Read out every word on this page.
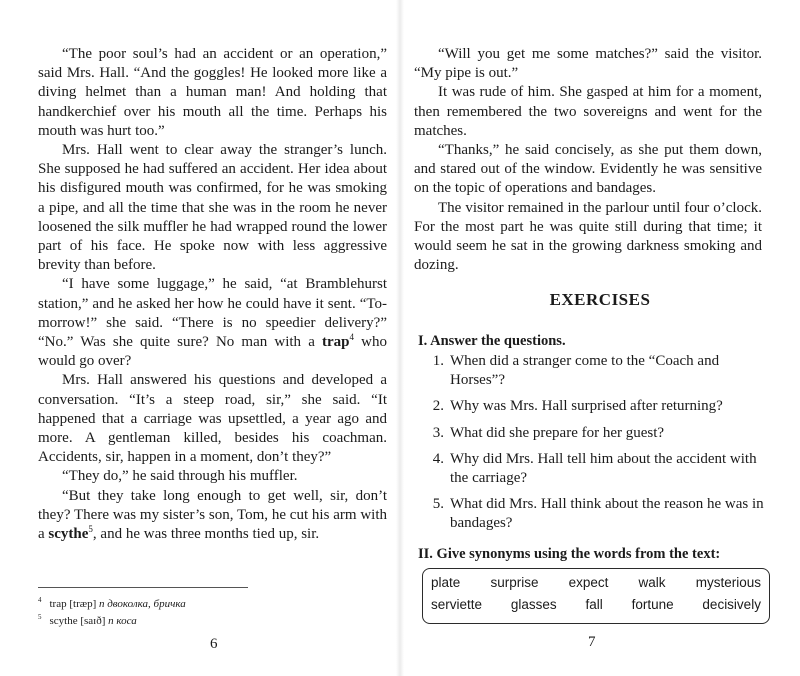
“The poor soul’s had an accident or an operation,” said Mrs. Hall. “And the goggles! He looked more like a diving helmet than a human man! And holding that handkerchief over his mouth all the time. Perhaps his mouth was hurt too.”

Mrs. Hall went to clear away the stranger’s lunch. She supposed he had suffered an accident. Her idea about his disfigured mouth was confirmed, for he was smoking a pipe, and all the time that she was in the room he never loosened the silk muffler he had wrapped round the lower part of his face. He spoke now with less aggressive brevity than before.

“I have some luggage,” he said, “at Bramblehurst station,” and he asked her how he could have it sent. “To-morrow!” she said. “There is no speedier delivery?” “No.” Was she quite sure? No man with a trap$^4$ who would go over?

Mrs. Hall answered his questions and developed a conversation. “It’s a steep road, sir,” she said. “It happened that a carriage was upsettled, a year ago and more. A gentleman killed, besides his coachman. Accidents, sir, happen in a moment, don’t they?”

“They do,” he said through his muffler.

“But they take long enough to get well, sir, don’t they? There was my sister’s son, Tom, he cut his arm with a scythe$^5$, and he was three months tied up, sir.

$^4$ trap [træp] n двоколка, бричка
$^5$ scythe [saɪð] n коса
6

“Will you get me some matches?” said the visitor. “My pipe is out.”

It was rude of him. She gasped at him for a moment, then remembered the two sovereigns and went for the matches.

“Thanks,” he said concisely, as she put them down, and stared out of the window. Evidently he was sensitive on the topic of operations and bandages.

The visitor remained in the parlour until four o’clock. For the most part he was quite still during that time; it would seem he sat in the growing darkness smoking and dozing.

EXERCISES
I. Answer the questions.
1. When did a stranger come to the “Coach and Horses”?
2. Why was Mrs. Hall surprised after returning?
3. What did she prepare for her guest?
4. Why did Mrs. Hall tell him about the accident with the carriage?
5. What did Mrs. Hall think about the reason he was in bandages?
II. Give synonyms using the words from the text:
plate surprise expect walk mysterious
serviette glasses fall fortune decisively
7
